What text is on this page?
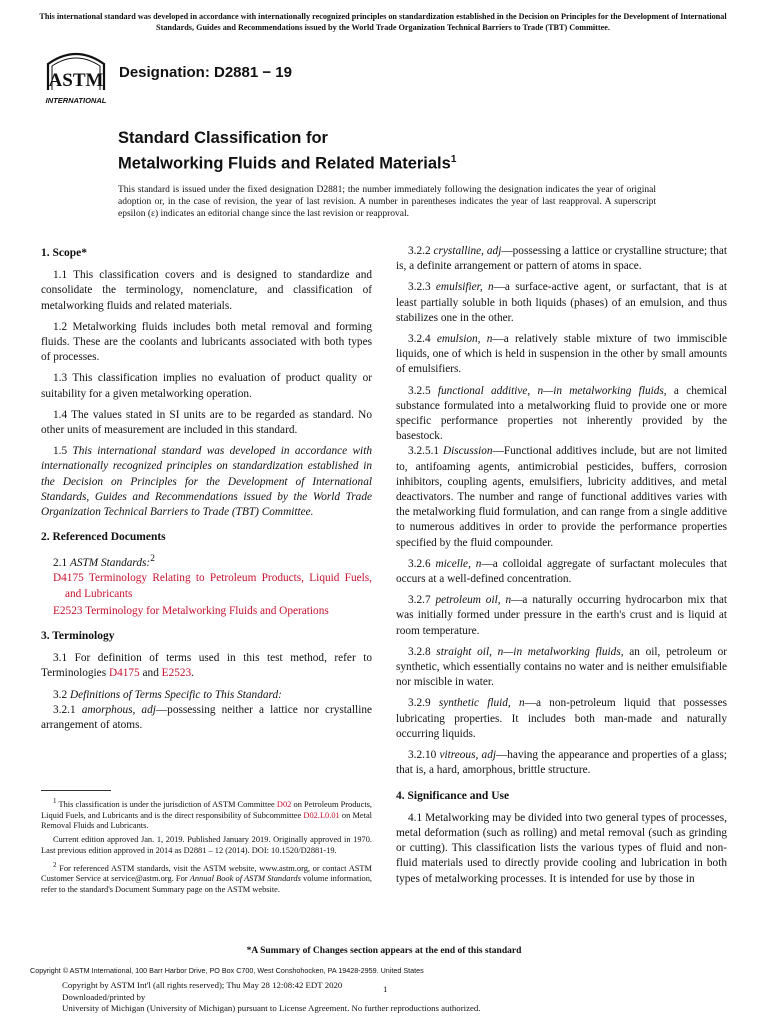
This international standard was developed in accordance with internationally recognized principles on standardization established in the Decision on Principles for the Development of International Standards, Guides and Recommendations issued by the World Trade Organization Technical Barriers to Trade (TBT) Committee.
ASTM
INTERNATIONAL
Designation: D2881 − 19
Standard Classification for
Metalworking Fluids and Related Materials$^1$
This standard is issued under the fixed designation D2881; the number immediately following the designation indicates the year of original adoption or, in the case of revision, the year of last revision. A number in parentheses indicates the year of last reapproval. A superscript epsilon (ε) indicates an editorial change since the last revision or reapproval.
1. Scope*

1.1 This classification covers and is designed to standardize and consolidate the terminology, nomenclature, and classification of metalworking fluids and related materials.

1.2 Metalworking fluids includes both metal removal and forming fluids. These are the coolants and lubricants associated with both types of processes.

1.3 This classification implies no evaluation of product quality or suitability for a given metalworking operation.

1.4 The values stated in SI units are to be regarded as standard. No other units of measurement are included in this standard.

1.5 This international standard was developed in accordance with internationally recognized principles on standardization established in the Decision on Principles for the Development of International Standards, Guides and Recommendations issued by the World Trade Organization Technical Barriers to Trade (TBT) Committee.

2. Referenced Documents

2.1 ASTM Standards:$^2$

D4175 Terminology Relating to Petroleum Products, Liquid Fuels, and Lubricants
E2523 Terminology for Metalworking Fluids and Operations
3. Terminology

3.1 For definition of terms used in this test method, refer to Terminologies D4175 and E2523.

3.2 Definitions of Terms Specific to This Standard:

3.2.1 amorphous, adj—possessing neither a lattice nor crystalline arrangement of atoms.

$^1$ This classification is under the jurisdiction of ASTM Committee D02 on Petroleum Products, Liquid Fuels, and Lubricants and is the direct responsibility of Subcommittee D02.L0.01 on Metal Removal Fluids and Lubricants.

Current edition approved Jan. 1, 2019. Published January 2019. Originally approved in 1970. Last previous edition approved in 2014 as D2881 – 12 (2014). DOI: 10.1520/D2881-19.

$^2$ For referenced ASTM standards, visit the ASTM website, www.astm.org, or contact ASTM Customer Service at service@astm.org. For Annual Book of ASTM Standards volume information, refer to the standard's Document Summary page on the ASTM website.

3.2.2 crystalline, adj—possessing a lattice or crystalline structure; that is, a definite arrangement or pattern of atoms in space.

3.2.3 emulsifier, n—a surface-active agent, or surfactant, that is at least partially soluble in both liquids (phases) of an emulsion, and thus stabilizes one in the other.

3.2.4 emulsion, n—a relatively stable mixture of two immiscible liquids, one of which is held in suspension in the other by small amounts of emulsifiers.

3.2.5 functional additive, n—in metalworking fluids, a chemical substance formulated into a metalworking fluid to provide one or more specific performance properties not inherently provided by the basestock.

3.2.5.1 Discussion—Functional additives include, but are not limited to, antifoaming agents, antimicrobial pesticides, buffers, corrosion inhibitors, coupling agents, emulsifiers, lubricity additives, and metal deactivators. The number and range of functional additives varies with the metalworking fluid formulation, and can range from a single additive to numerous additives in order to provide the performance properties specified by the fluid compounder.

3.2.6 micelle, n—a colloidal aggregate of surfactant molecules that occurs at a well-defined concentration.

3.2.7 petroleum oil, n—a naturally occurring hydrocarbon mix that was initially formed under pressure in the earth's crust and is liquid at room temperature.

3.2.8 straight oil, n—in metalworking fluids, an oil, petroleum or synthetic, which essentially contains no water and is neither emulsifiable nor miscible in water.

3.2.9 synthetic fluid, n—a non-petroleum liquid that possesses lubricating properties. It includes both man-made and naturally occurring liquids.

3.2.10 vitreous, adj—having the appearance and properties of a glass; that is, a hard, amorphous, brittle structure.

4. Significance and Use

4.1 Metalworking may be divided into two general types of processes, metal deformation (such as rolling) and metal removal (such as grinding or cutting). This classification lists the various types of fluid and non-fluid materials used to directly provide cooling and lubrication in both types of metalworking processes. It is intended for use by those in

*A Summary of Changes section appears at the end of this standard
Copyright © ASTM International, 100 Barr Harbor Drive, PO Box C700, West Conshohocken, PA 19428-2959. United States
Copyright by ASTM Int'l (all rights reserved); Thu May 28 12:08:42 EDT 2020
Downloaded/printed by
University of Michigan (University of Michigan) pursuant to License Agreement. No further reproductions authorized.
1
